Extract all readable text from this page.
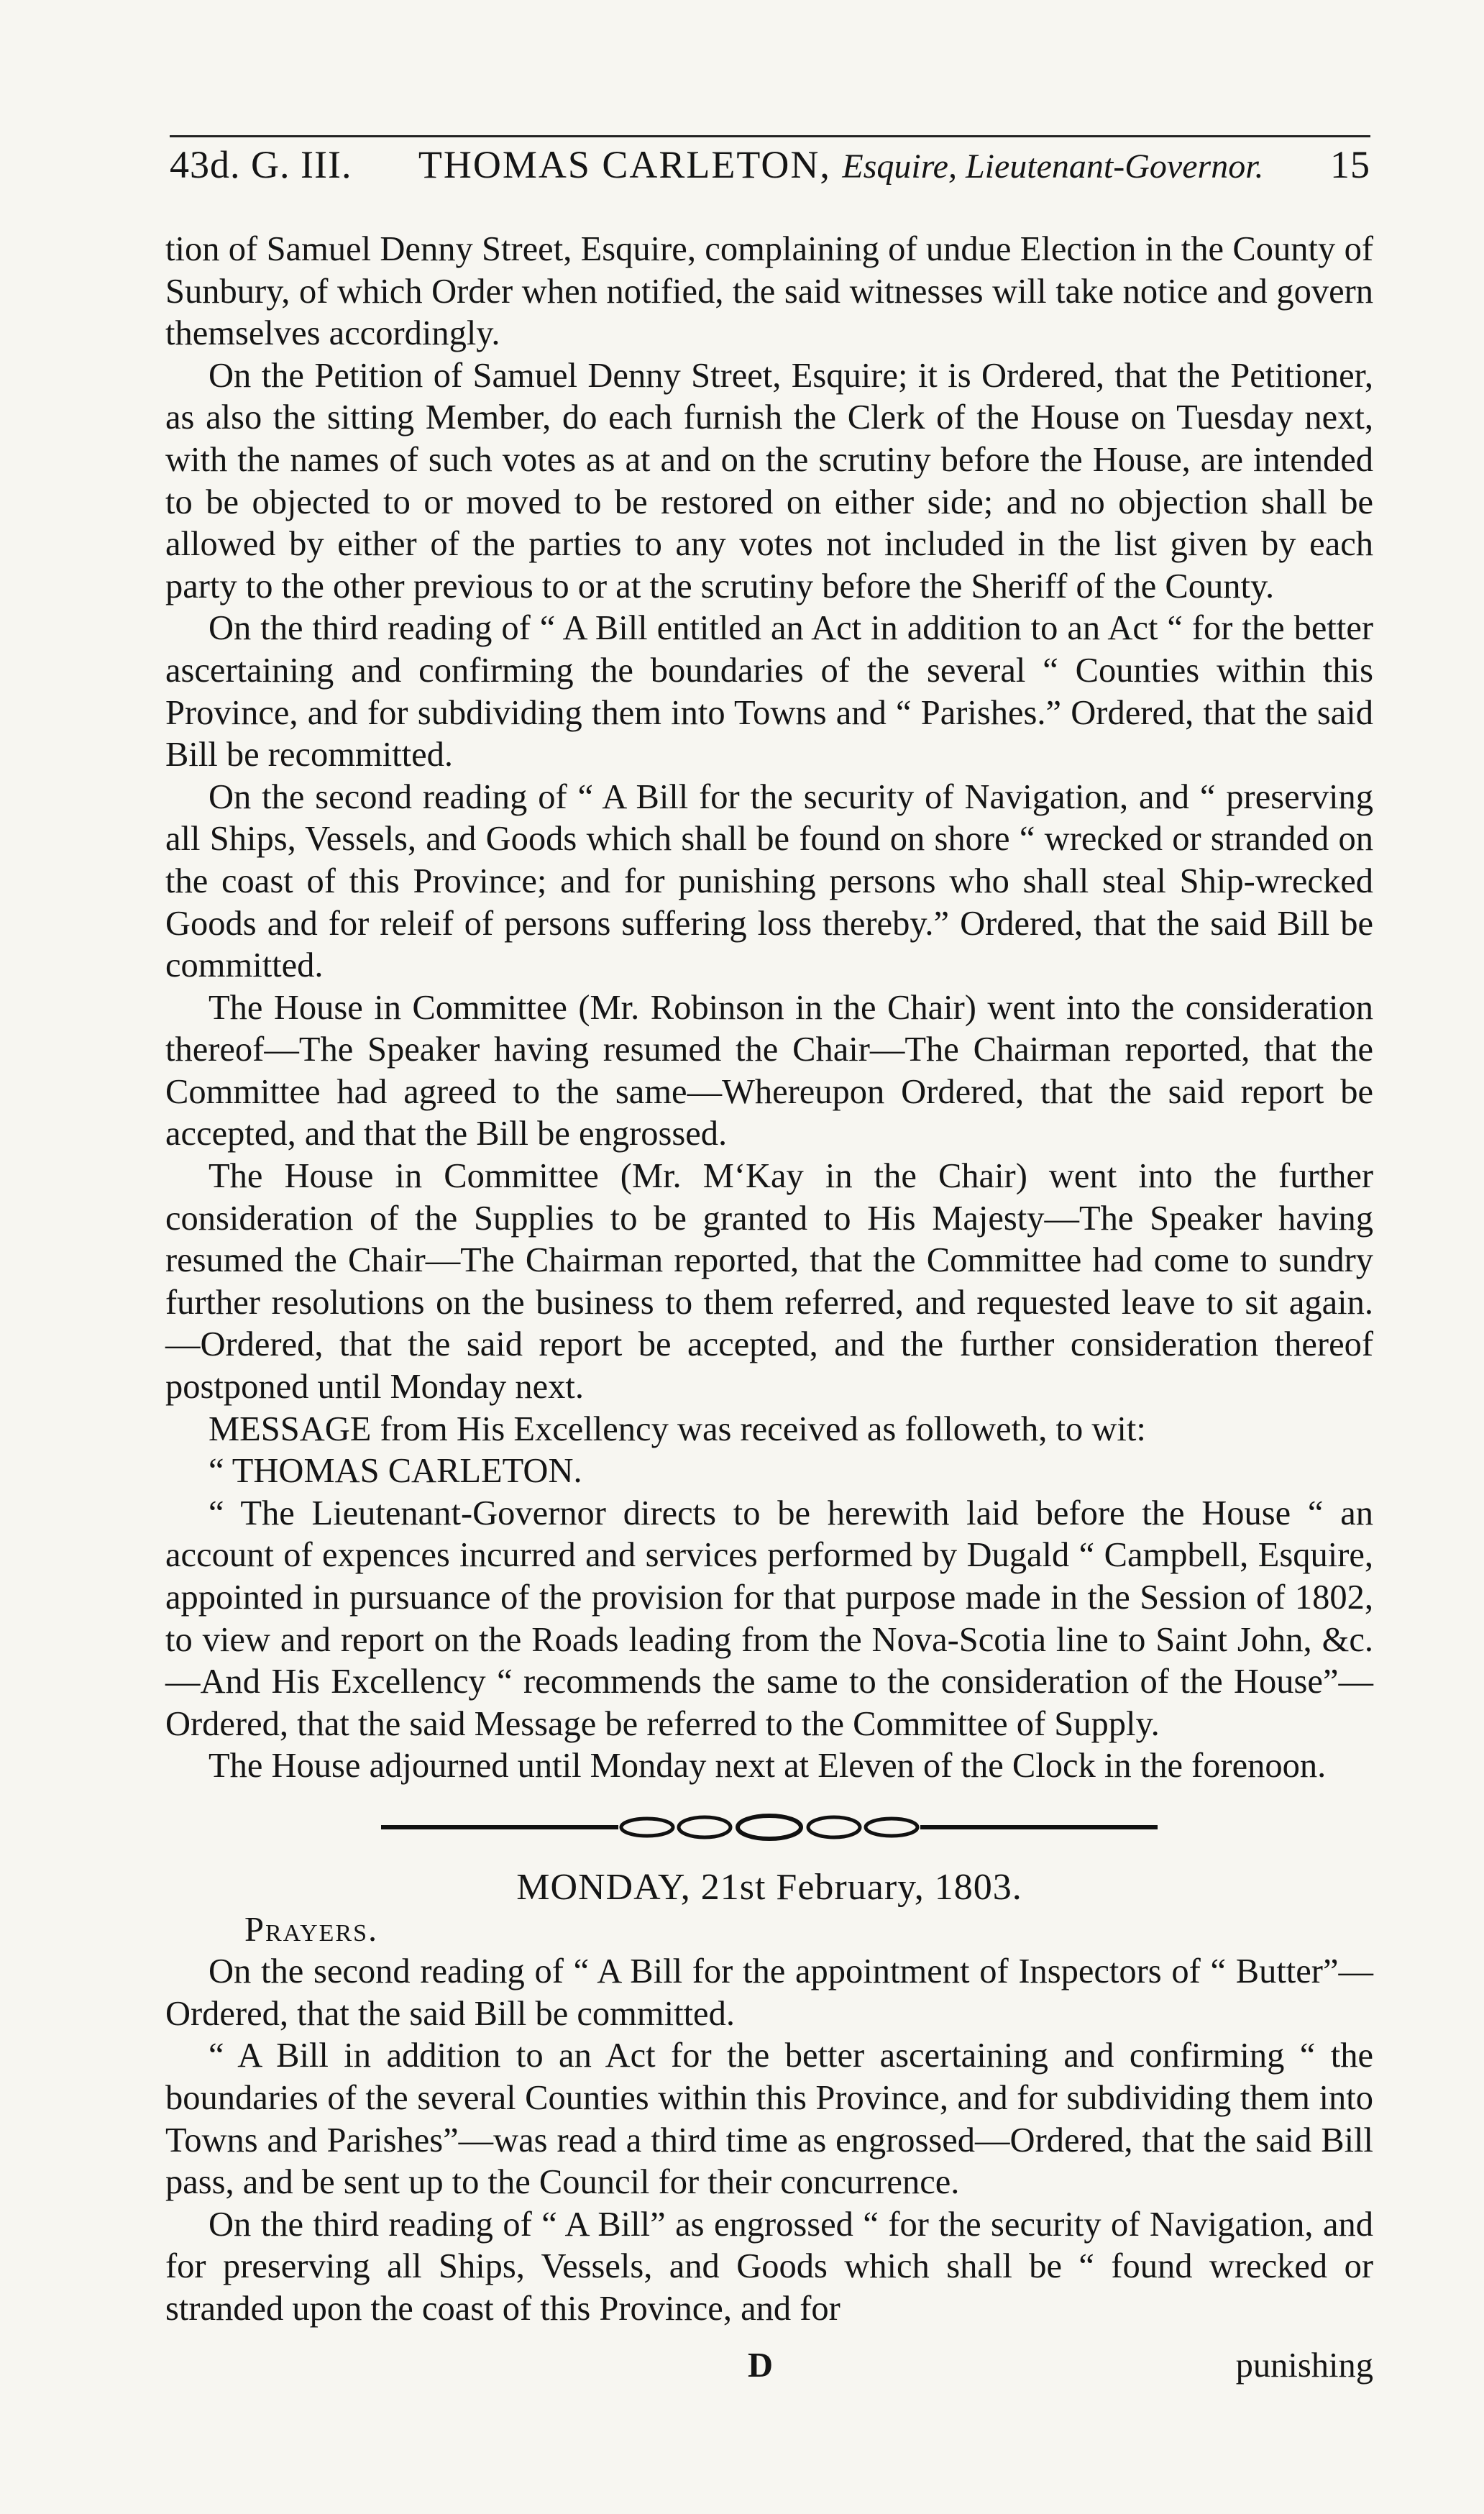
43d. G. III. THOMAS CARLETON, Esquire, Lieutenant-Governor. 15

tion of Samuel Denny Street, Esquire, complaining of undue Election in the County of Sunbury, of which Order when notified, the said witnesses will take notice and govern themselves accordingly.

On the Petition of Samuel Denny Street, Esquire; it is Ordered, that the Petitioner, as also the sitting Member, do each furnish the Clerk of the House on Tuesday next, with the names of such votes as at and on the scrutiny before the House, are intended to be objected to or moved to be restored on either side; and no objection shall be allowed by either of the parties to any votes not included in the list given by each party to the other previous to or at the scrutiny before the Sheriff of the County.

On the third reading of “ A Bill entitled an Act in addition to an Act “ for the better ascertaining and confirming the boundaries of the several “ Counties within this Province, and for subdividing them into Towns and “ Parishes.” Ordered, that the said Bill be recommitted.

On the second reading of “ A Bill for the security of Navigation, and “ preserving all Ships, Vessels, and Goods which shall be found on shore “ wrecked or stranded on the coast of this Province; and for punishing persons who shall steal Ship-wrecked Goods and for releif of persons suffering loss thereby.” Ordered, that the said Bill be committed.

The House in Committee (Mr. Robinson in the Chair) went into the consideration thereof—The Speaker having resumed the Chair—The Chairman reported, that the Committee had agreed to the same—Whereupon Ordered, that the said report be accepted, and that the Bill be engrossed.

The House in Committee (Mr. M‘Kay in the Chair) went into the further consideration of the Supplies to be granted to His Majesty—The Speaker having resumed the Chair—The Chairman reported, that the Committee had come to sundry further resolutions on the business to them referred, and requested leave to sit again.—Ordered, that the said report be accepted, and the further consideration thereof postponed until Monday next.

MESSAGE from His Excellency was received as followeth, to wit:

“ THOMAS CARLETON.

“ The Lieutenant-Governor directs to be herewith laid before the House “ an account of expences incurred and services performed by Dugald “ Campbell, Esquire, appointed in pursuance of the provision for that purpose made in the Session of 1802, to view and report on the Roads leading from the Nova-Scotia line to Saint John, &c.—And His Excellency “ recommends the same to the consideration of the House”—Ordered, that the said Message be referred to the Committee of Supply.

The House adjourned until Monday next at Eleven of the Clock in the forenoon.

MONDAY, 21st February, 1803.

Prayers.

On the second reading of “ A Bill for the appointment of Inspectors of “ Butter”—Ordered, that the said Bill be committed.

“ A Bill in addition to an Act for the better ascertaining and confirming “ the boundaries of the several Counties within this Province, and for subdividing them into Towns and Parishes”—was read a third time as engrossed—Ordered, that the said Bill pass, and be sent up to the Council for their concurrence.

On the third reading of “ A Bill” as engrossed “ for the security of Navigation, and for preserving all Ships, Vessels, and Goods which shall be “ found wrecked or stranded upon the coast of this Province, and for

D	punishing
